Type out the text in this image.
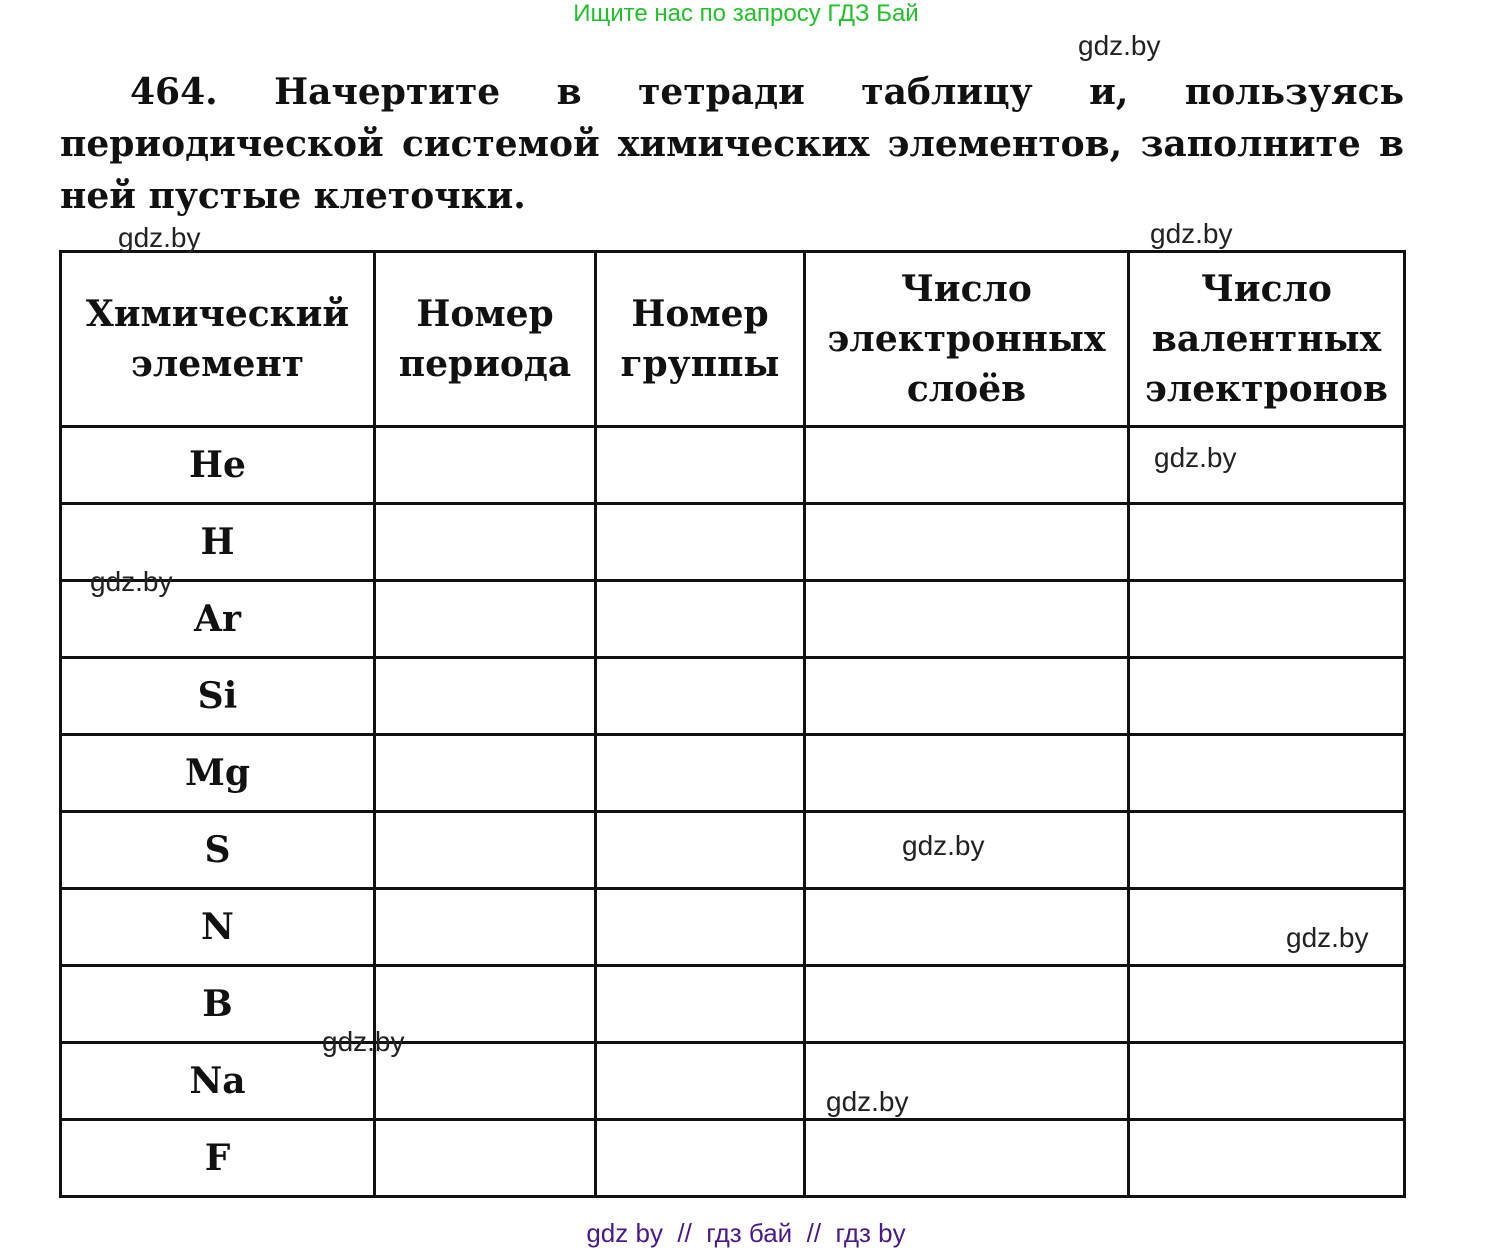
Ищите нас по запросу ГДЗ Бай
464. Начертите в тетради таблицу и, пользуясь периодической системой химических элементов, заполните в ней пустые клеточки.
Химический элемент	Номер периода	Номер группы	Число электронных слоёв	Число валентных электронов
He				
H				
Ar				
Si				
Mg				
S				
N				
B				
Na				
F				
gdz.by
gdz.by
gdz.by
gdz.by
gdz.by
gdz.by
gdz.by
gdz.by
gdz.by
gdz by  //  гдз бай  //  гдз by
